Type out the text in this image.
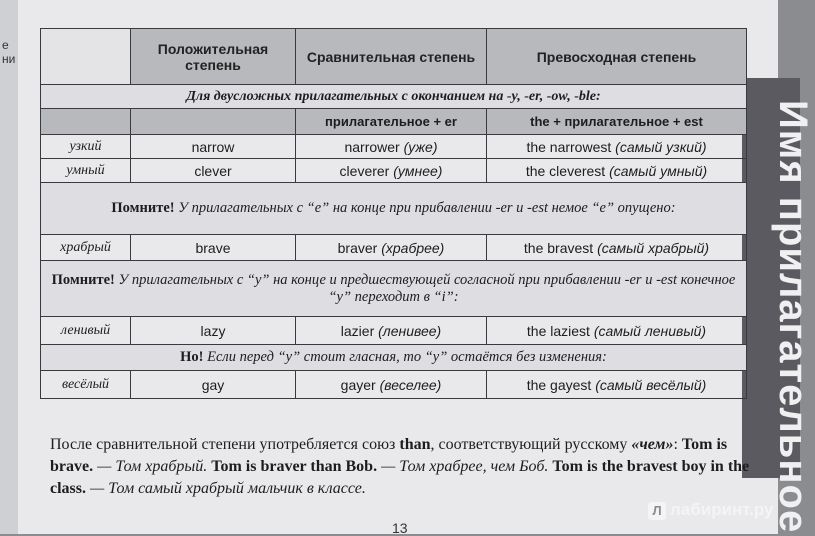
е ни
Имя прилагательное
	Положительная степень	Сравнительная степень	Превосходная степень
Для двусложных прилагательных с окончанием на -y, -er, -ow, -ble:			
		прилагательное + er	the + прилагательное + est
узкий	narrow	narrower (уже)	the narrowest (самый узкий)
умный	clever	cleverer (умнее)	the cleverest (самый умный)
Помните! У прилагательных с “e” на конце при прибавлении -er и -est немое “e” опущено:			
храбрый	brave	braver (храбрее)	the bravest (самый храбрый)
Помните! У прилагательных с “y” на конце и предшествующей согласной при прибавлении -er и -est конечное “y” переходит в “i”:			
ленивый	lazy	lazier (ленивее)	the laziest (самый ленивый)
Но! Если перед “y” стоит гласная, то “y” остаётся без изменения:			
весёлый	gay	gayer (веселее)	the gayest (самый весёлый)
После сравнительной степени употребляется союз than, соответствующий русскому «чем»: Tom is brave. — Том храбрый. Tom is braver than Bob. — Том храбрее, чем Боб. Tom is the bravest boy in the class. — Том самый храбрый мальчик в классе.
13
Л лабиринт.ру
